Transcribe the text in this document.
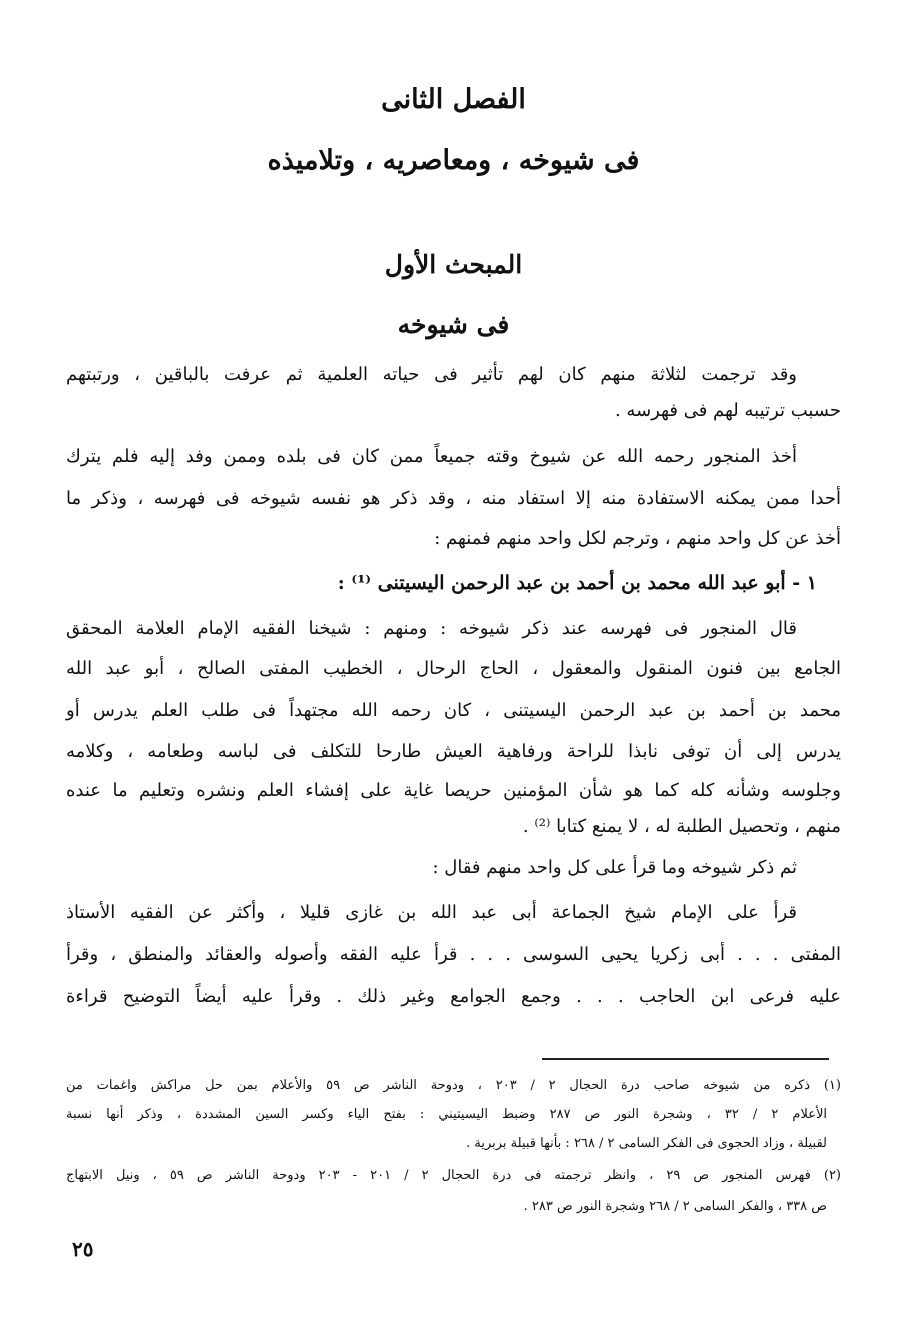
الفصل الثانى
فى شيوخه ، ومعاصريه ، وتلاميذه
المبحث الأول
فى شيوخه
وقد ترجمت لثلاثة منهم كان لهم تأثير فى حياته العلمية ثم عرفت بالباقين ، ورتبتهم
حسبب ترتيبه لهم فى فهرسه .
أخذ المنجور رحمه الله عن شيوخ وقته جميعاً ممن كان فى بلده وممن وفد إليه فلم يترك
أحدا ممن يمكنه الاستفادة منه إلا استفاد منه ، وقد ذكر هو نفسه شيوخه فى فهرسه ، وذكر ما
أخذ عن كل واحد منهم ، وترجم لكل واحد منهم فمنهم :
١ - أبو عبد الله محمد بن أحمد بن عبد الرحمن اليسيتنى ⁽¹⁾ :
قال المنجور فى فهرسه عند ذكر شيوخه : ومنهم : شيخنا الفقيه الإمام العلامة المحقق
الجامع بين فنون المنقول والمعقول ، الحاج الرحال ، الخطيب المفتى الصالح ، أبو عبد الله
محمد بن أحمد بن عبد الرحمن اليسيتنى ، كان رحمه الله مجتهداً فى طلب العلم يدرس أو
يدرس إلى أن توفى نابذا للراحة ورفاهية العيش طارحا للتكلف فى لباسه وطعامه ، وكلامه
وجلوسه وشأنه كله كما هو شأن المؤمنين حريصا غاية على إفشاء العلم ونشره وتعليم ما عنده
منهم ، وتحصيل الطلبة له ، لا يمنع كتابا ⁽²⁾ .
ثم ذكر شيوخه وما قرأ على كل واحد منهم فقال :
قرأ على الإمام شيخ الجماعة أبى عبد الله بن غازى قليلا ، وأكثر عن الفقيه الأستاذ
المفتى . . . أبى زكريا يحيى السوسى . . . قرأ عليه الفقه وأصوله والعقائد والمنطق ، وقرأ
عليه فرعى ابن الحاجب . . . وجمع الجوامع وغير ذلك . وقرأ عليه أيضاً التوضيح قراءة
(١) ذكره من شيوخه صاحب درة الحجال ٢ / ٢٠٣ ، ودوحة الناشر ص ٥٩ والأعلام بمن حل مراكش واغمات من
الأعلام ٢ / ٣٢ ، وشجرة النور ص ٢٨٧ وضبط اليسيتيني : بفتح الياء وكسر السين المشددة ، وذكر أنها نسبة
لقبيلة ، وزاد الحجوى فى الفكر السامى ٢ / ٢٦٨ : بأنها قبيلة بربرية .
(٢) فهرس المنجور ص ٢٩ ، وانظر ترجمته فى درة الحجال ٢ / ٢٠١ - ٢٠٣ ودوحة الناشر ص ٥٩ ، ونيل الابتهاج
ص ٣٣٨ ، والفكر السامى ٢ / ٢٦٨ وشجرة النور ص ٢٨٣ .
٢٥
